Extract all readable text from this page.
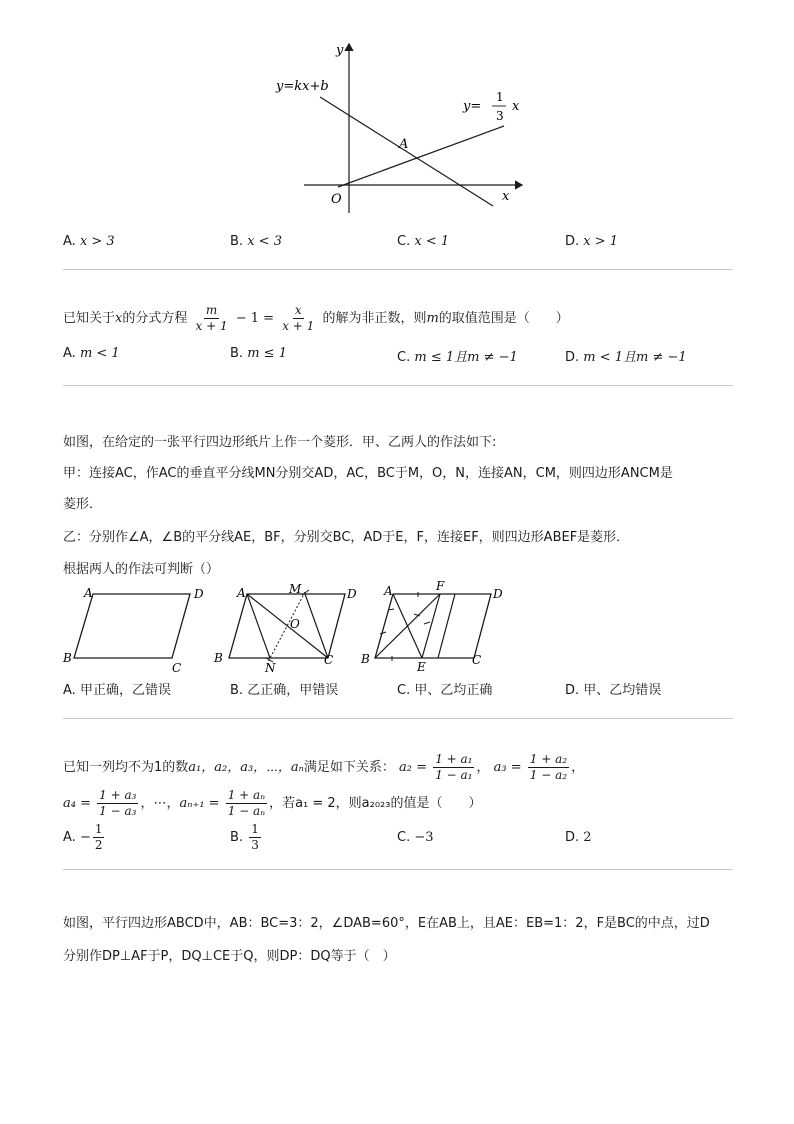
y
x
O
y=kx+b
y=
1
3
x
A
A. x > 3	B. x < 3	C. x < 1	D. x > 1
已知关于x的分式方程 $\frac{m}{x + 1} - 1 = \frac{x}{x + 1}$ 的解为非正数，则m的取值范围是（　　）
A. m < 1	B. m ≤ 1	C. m ≤ 1且m ≠ −1	D. m < 1且m ≠ −1
如图，在给定的一张平行四边形纸片上作一个菱形．甲、乙两人的作法如下:
甲：连接AC，作AC的垂直平分线MN分别交AD，AC，BC于M，O，N，连接AN，CM，则四边形ANCM是
菱形．
乙：分别作∠A，∠B的平分线AE，BF，分别交BC，AD于E，F，连接EF，则四边形ABEF是菱形．
根据两人的作法可判断（）
A	D
B
C
A	M	D
O
B
N
C
A	F
D
B
E	C
A. 甲正确，乙错误	B. 乙正确，甲错误	C. 甲、乙均正确	D. 甲、乙均错误
已知一列均不为1的数a₁，a₂，a₃，⋯，aₙ满足如下关系： $a_2 = \frac{\text{1 + a₁}}{\text{1 − a₁}}$ ， $a_3 = \frac{\text{1 + a₂}}{\text{1 − a₂}}$ ，
$a_4 = \frac{\text{1 + a₃}}{\text{1 − a₃}}$ ，⋯，$a_{n+1} = \frac{\text{1 + aₙ}}{\text{1 − aₙ}}$ ，若a₁ = 2，则a₂₀₂₃的值是（　　）
A. − $\frac{1}{2}$	B. $\frac{1}{3}$	C. −3	D. 2
如图，平行四边形ABCD中，AB：BC=3：2，∠DAB=60°，E在AB上，且AE：EB=1：2，F是BC的中点，过D
分别作DP⊥AF于P，DQ⊥CE于Q，则DP：DQ等于（　）
